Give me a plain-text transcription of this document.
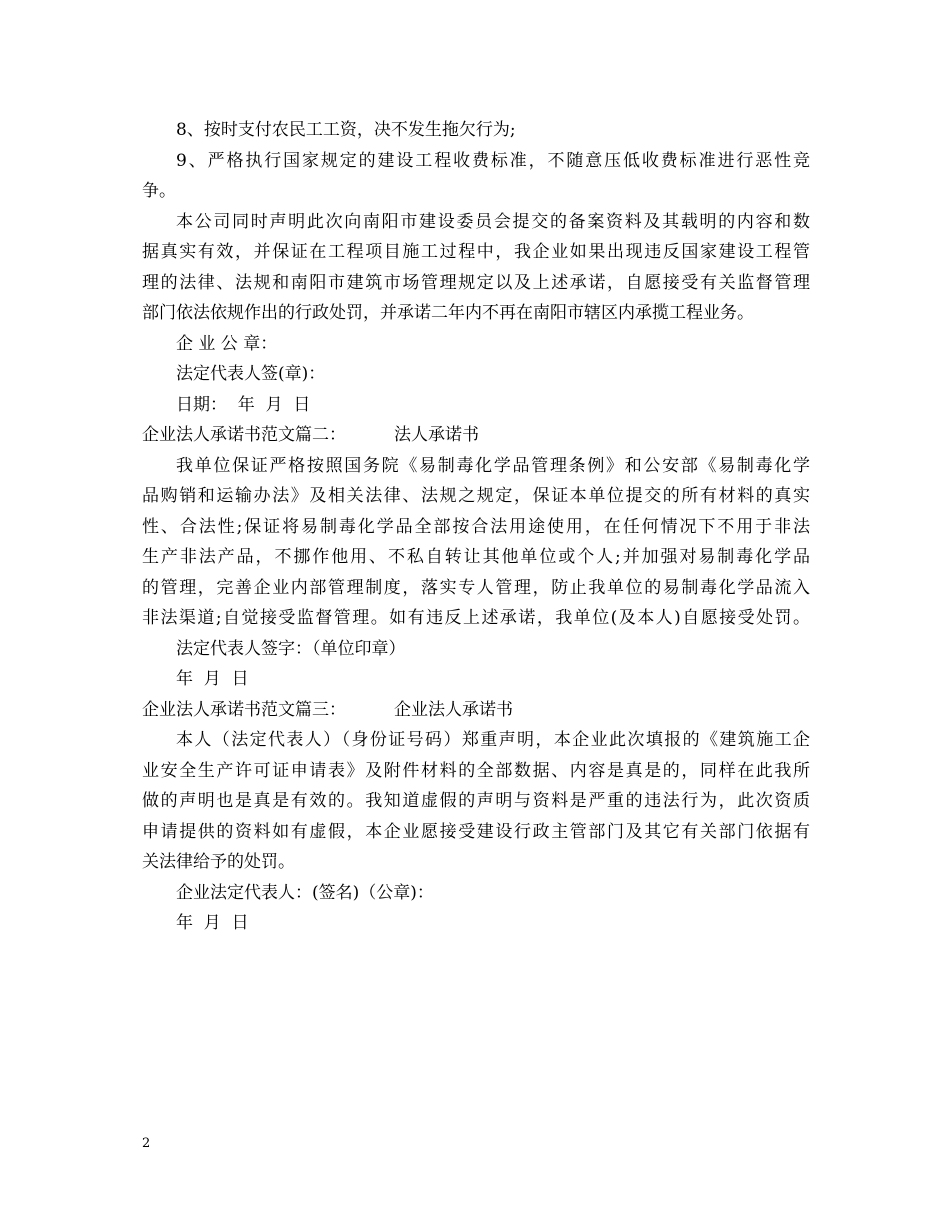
8、按时支付农民工工资，决不发生拖欠行为;
9、严格执行国家规定的建设工程收费标准，不随意压低收费标准进行恶性竞
争。
本公司同时声明此次向南阳市建设委员会提交的备案资料及其载明的内容和数
据真实有效，并保证在工程项目施工过程中，我企业如果出现违反国家建设工程管
理的法律、法规和南阳市建筑市场管理规定以及上述承诺，自愿接受有关监督管理
部门依法依规作出的行政处罚，并承诺二年内不再在南阳市辖区内承揽工程业务。
企 业 公 章：
法定代表人签(章)：
日期：  年  月  日
企业法人承诺书范文篇二：	法人承诺书
我单位保证严格按照国务院《易制毒化学品管理条例》和公安部《易制毒化学
品购销和运输办法》及相关法律、法规之规定，保证本单位提交的所有材料的真实
性、合法性;保证将易制毒化学品全部按合法用途使用，在任何情况下不用于非法
生产非法产品，不挪作他用、不私自转让其他单位或个人;并加强对易制毒化学品
的管理，完善企业内部管理制度，落实专人管理，防止我单位的易制毒化学品流入
非法渠道;自觉接受监督管理。如有违反上述承诺，我单位(及本人)自愿接受处罚。
法定代表人签字：（单位印章）
年  月  日
企业法人承诺书范文篇三：	企业法人承诺书
本人（法定代表人）（身份证号码）郑重声明，本企业此次填报的《建筑施工企
业安全生产许可证申请表》及附件材料的全部数据、内容是真是的，同样在此我所
做的声明也是真是有效的。我知道虚假的声明与资料是严重的违法行为，此次资质
申请提供的资料如有虚假，本企业愿接受建设行政主管部门及其它有关部门依据有
关法律给予的处罚。
企业法定代表人：(签名)（公章)：
年  月  日
2
